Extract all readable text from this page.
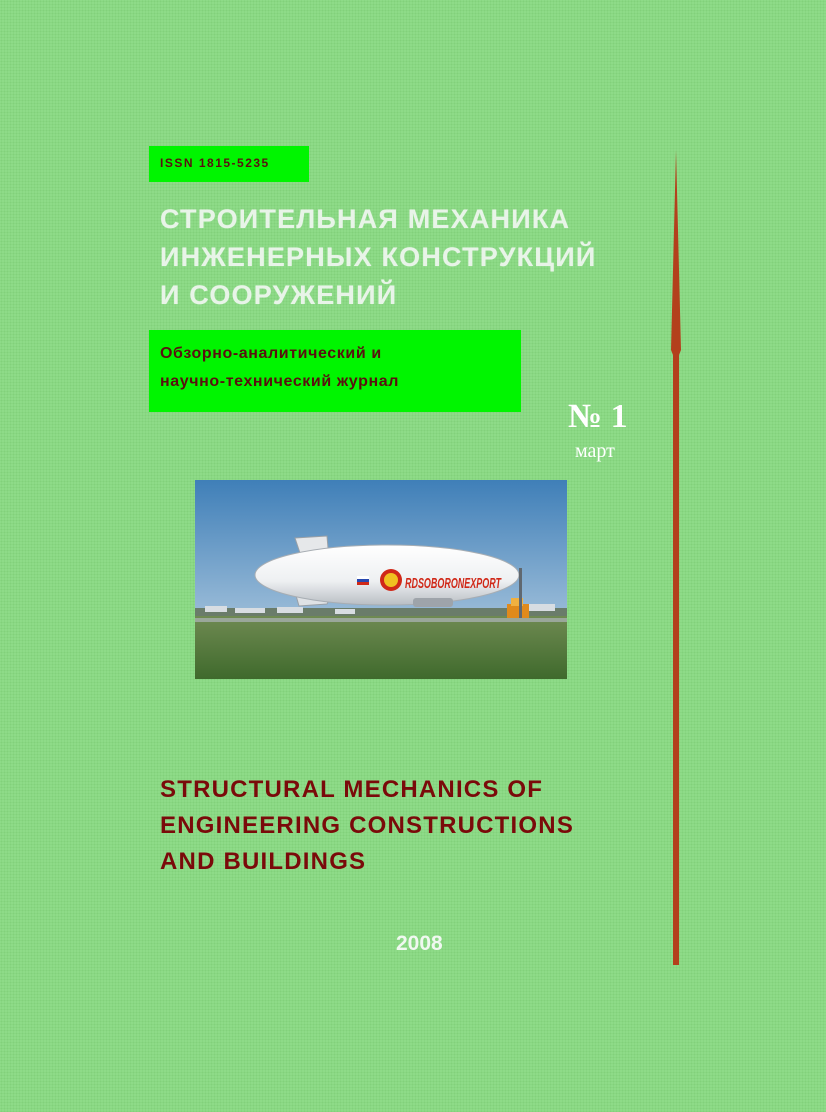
ISSN 1815-5235
СТРОИТЕЛЬНАЯ МЕХАНИКА
ИНЖЕНЕРНЫХ КОНСТРУКЦИЙ
И СООРУЖЕНИЙ
Обзорно-аналитический и
научно-технический журнал
№ 1
март
RDSOBORONEXPORT
STRUCTURAL MECHANICS OF
ENGINEERING CONSTRUCTIONS
AND BUILDINGS
2008
